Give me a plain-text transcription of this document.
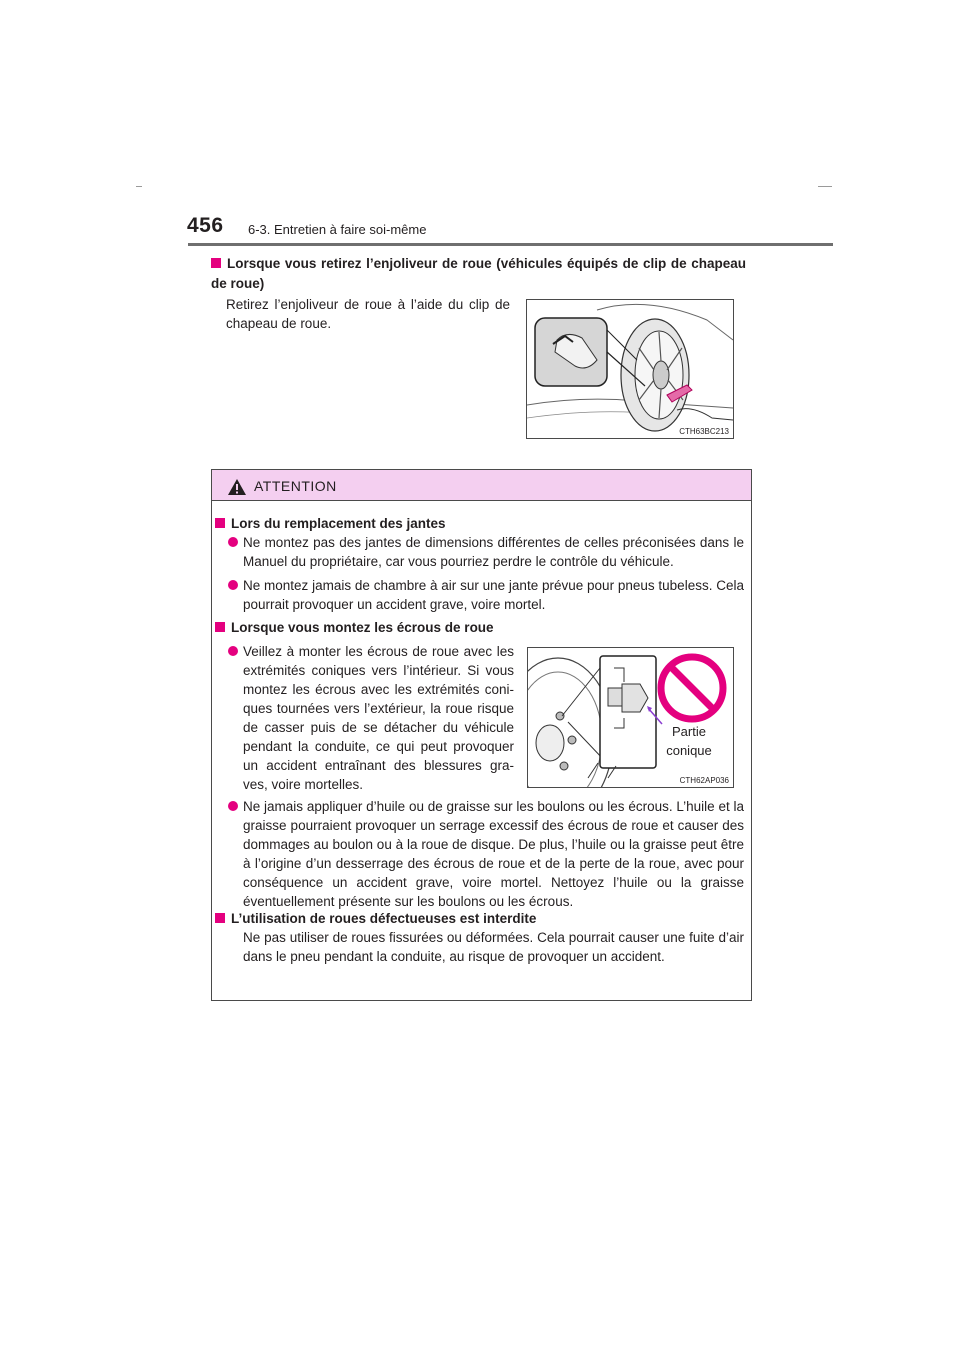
456 6-3. Entretien à faire soi-même
Lorsque vous retirez l’enjoliveur de roue (véhicules équipés de clip de chapeau de roue)
Retirez l’enjoliveur de roue à l’aide du clip de chapeau de roue.
CTH63BC213
ATTENTION
Lors du remplacement des jantes
Ne montez pas des jantes de dimensions différentes de celles préconisées dans le Manuel du propriétaire, car vous pourriez perdre le contrôle du véhicule.
Ne montez jamais de chambre à air sur une jante prévue pour pneus tubeless. Cela pourrait provoquer un accident grave, voire mortel.
Lorsque vous montez les écrous de roue
Veillez à monter les écrous de roue avec les extrémités coniques vers l’intérieur. Si vous montez les écrous avec les extrémités coni-ques tournées vers l’extérieur, la roue risque de casser puis de se détacher du véhicule pendant la conduite, ce qui peut provoquer un accident entraînant des blessures gra-ves, voire mortelles.
Ne jamais appliquer d’huile ou de graisse sur les boulons ou les écrous. L’huile et la graisse pourraient provoquer un serrage excessif des écrous de roue et causer des dommages au boulon ou à la roue de disque. De plus, l’huile ou la graisse peut être à l’origine d’un desserrage des écrous de roue et de la perte de la roue, avec pour conséquence un accident grave, voire mortel. Nettoyez l’huile ou la graisse éventuellement présente sur les boulons ou les écrous.
L’utilisation de roues défectueuses est interdite
Ne pas utiliser de roues fissurées ou déformées. Cela pourrait causer une fuite d’air dans le pneu pendant la conduite, au risque de provoquer un accident.
Partie
conique
CTH62AP036
